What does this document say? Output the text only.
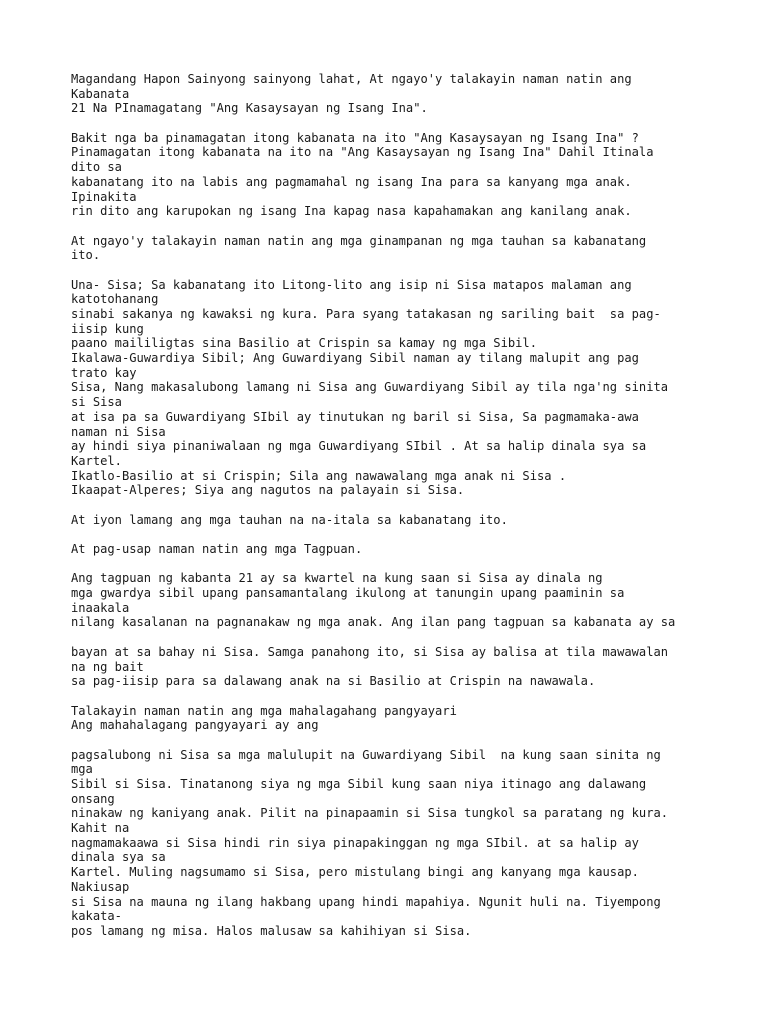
Magandang Hapon Sainyong sainyong lahat, At ngayo'y talakayin naman natin ang
Kabanata
21 Na PInamagatang "Ang Kasaysayan ng Isang Ina".
Bakit nga ba pinamagatan itong kabanata na ito "Ang Kasaysayan ng Isang Ina" ?
Pinamagatan itong kabanata na ito na "Ang Kasaysayan ng Isang Ina" Dahil Itinala
dito sa
kabanatang ito na labis ang pagmamahal ng isang Ina para sa kanyang mga anak.
Ipinakita
rin dito ang karupokan ng isang Ina kapag nasa kapahamakan ang kanilang anak.
At ngayo'y talakayin naman natin ang mga ginampanan ng mga tauhan sa kabanatang
ito.
Una- Sisa; Sa kabanatang ito Litong-lito ang isip ni Sisa matapos malaman ang
katotohanang
sinabi sakanya ng kawaksi ng kura. Para syang tatakasan ng sariling bait  sa pag-
iisip kung
paano maililigtas sina Basilio at Crispin sa kamay ng mga Sibil.
Ikalawa-Guwardiya Sibil; Ang Guwardiyang Sibil naman ay tilang malupit ang pag
trato kay
Sisa, Nang makasalubong lamang ni Sisa ang Guwardiyang Sibil ay tila nga'ng sinita
si Sisa
at isa pa sa Guwardiyang SIbil ay tinutukan ng baril si Sisa, Sa pagmamaka-awa
naman ni Sisa
ay hindi siya pinaniwalaan ng mga Guwardiyang SIbil . At sa halip dinala sya sa
Kartel.
Ikatlo-Basilio at si Crispin; Sila ang nawawalang mga anak ni Sisa .
Ikaapat-Alperes; Siya ang nagutos na palayain si Sisa.
At iyon lamang ang mga tauhan na na-itala sa kabanatang ito.
At pag-usap naman natin ang mga Tagpuan.
Ang tagpuan ng kabanta 21 ay sa kwartel na kung saan si Sisa ay dinala ng
mga gwardya sibil upang pansamantalang ikulong at tanungin upang paaminin sa
inaakala
nilang kasalanan na pagnanakaw ng mga anak. Ang ilan pang tagpuan sa kabanata ay sa
bayan at sa bahay ni Sisa. Samga panahong ito, si Sisa ay balisa at tila mawawalan
na ng bait
sa pag-iisip para sa dalawang anak na si Basilio at Crispin na nawawala.
Talakayin naman natin ang mga mahalagahang pangyayari
Ang mahahalagang pangyayari ay ang
pagsalubong ni Sisa sa mga malulupit na Guwardiyang Sibil  na kung saan sinita ng
mga
Sibil si Sisa. Tinatanong siya ng mga Sibil kung saan niya itinago ang dalawang
onsang
ninakaw ng kaniyang anak. Pilit na pinapaamin si Sisa tungkol sa paratang ng kura.
Kahit na
nagmamakaawa si Sisa hindi rin siya pinapakinggan ng mga SIbil. at sa halip ay
dinala sya sa
Kartel. Muling nagsumamo si Sisa, pero mistulang bingi ang kanyang mga kausap.
Nakiusap
si Sisa na mauna ng ilang hakbang upang hindi mapahiya. Ngunit huli na. Tiyempong
kakata-
pos lamang ng misa. Halos malusaw sa kahihiyan si Sisa.
